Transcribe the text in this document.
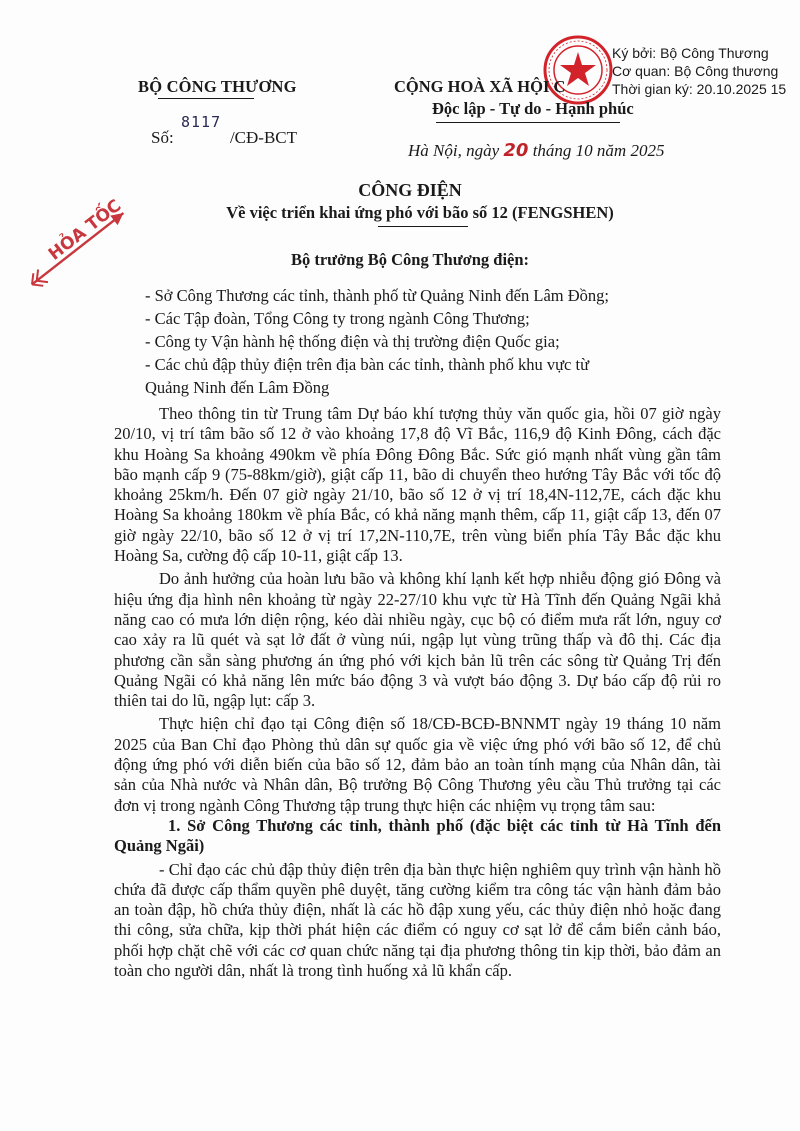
Ký bởi: Bộ Công Thương
Cơ quan: Bộ Công thương
Thời gian ký: 20.10.2025 15
BỘ CÔNG THƯƠNG	CỘNG HOÀ XÃ HỘI C
Độc lập - Tự do - Hạnh phúc
Số:
8117
/CĐ-BCT
Hà Nội, ngày 20 tháng 10 năm 2025
HỎA TỐC
CÔNG ĐIỆN
Về việc triển khai ứng phó với bão số 12 (FENGSHEN)
Bộ trưởng Bộ Công Thương điện:
- Sở Công Thương các tỉnh, thành phố từ Quảng Ninh đến Lâm Đồng;
- Các Tập đoàn, Tổng Công ty trong ngành Công Thương;
- Công ty Vận hành hệ thống điện và thị trường điện Quốc gia;
- Các chủ đập thủy điện trên địa bàn các tỉnh, thành phố khu vực từ
Quảng Ninh đến Lâm Đồng

Theo thông tin từ Trung tâm Dự báo khí tượng thủy văn quốc gia, hồi 07 giờ ngày 20/10, vị trí tâm bão số 12 ở vào khoảng 17,8 độ Vĩ Bắc, 116,9 độ Kinh Đông, cách đặc khu Hoàng Sa khoảng 490km về phía Đông Đông Bắc. Sức gió mạnh nhất vùng gần tâm bão mạnh cấp 9 (75-88km/giờ), giật cấp 11, bão di chuyển theo hướng Tây Bắc với tốc độ khoảng 25km/h. Đến 07 giờ ngày 21/10, bão số 12 ở vị trí 18,4N-112,7E, cách đặc khu Hoàng Sa khoảng 180km về phía Bắc, có khả năng mạnh thêm, cấp 11, giật cấp 13, đến 07 giờ ngày 22/10, bão số 12 ở vị trí 17,2N-110,7E, trên vùng biển phía Tây Bắc đặc khu Hoàng Sa, cường độ cấp 10-11, giật cấp 13.

Do ảnh hưởng của hoàn lưu bão và không khí lạnh kết hợp nhiễu động gió Đông và hiệu ứng địa hình nên khoảng từ ngày 22-27/10 khu vực từ Hà Tĩnh đến Quảng Ngãi khả năng cao có mưa lớn diện rộng, kéo dài nhiều ngày, cục bộ có điểm mưa rất lớn, nguy cơ cao xảy ra lũ quét và sạt lở đất ở vùng núi, ngập lụt vùng trũng thấp và đô thị. Các địa phương cần sẵn sàng phương án ứng phó với kịch bản lũ trên các sông từ Quảng Trị đến Quảng Ngãi có khả năng lên mức báo động 3 và vượt báo động 3. Dự báo cấp độ rủi ro thiên tai do lũ, ngập lụt: cấp 3.

Thực hiện chỉ đạo tại Công điện số 18/CĐ-BCĐ-BNNMT ngày 19 tháng 10 năm 2025 của Ban Chỉ đạo Phòng thủ dân sự quốc gia về việc ứng phó với bão số 12, để chủ động ứng phó với diễn biến của bão số 12, đảm bảo an toàn tính mạng của Nhân dân, tài sản của Nhà nước và Nhân dân, Bộ trưởng Bộ Công Thương yêu cầu Thủ trưởng tại các đơn vị trong ngành Công Thương tập trung thực hiện các nhiệm vụ trọng tâm sau:

1. Sở Công Thương các tỉnh, thành phố (đặc biệt các tỉnh từ Hà Tĩnh đến Quảng Ngãi)

- Chỉ đạo các chủ đập thủy điện trên địa bàn thực hiện nghiêm quy trình vận hành hồ chứa đã được cấp thẩm quyền phê duyệt, tăng cường kiểm tra công tác vận hành đảm bảo an toàn đập, hồ chứa thủy điện, nhất là các hồ đập xung yếu, các thủy điện nhỏ hoặc đang thi công, sửa chữa, kịp thời phát hiện các điểm có nguy cơ sạt lở để cắm biển cảnh báo, phối hợp chặt chẽ với các cơ quan chức năng tại địa phương thông tin kịp thời, bảo đảm an toàn cho người dân, nhất là trong tình huống xả lũ khẩn cấp.
